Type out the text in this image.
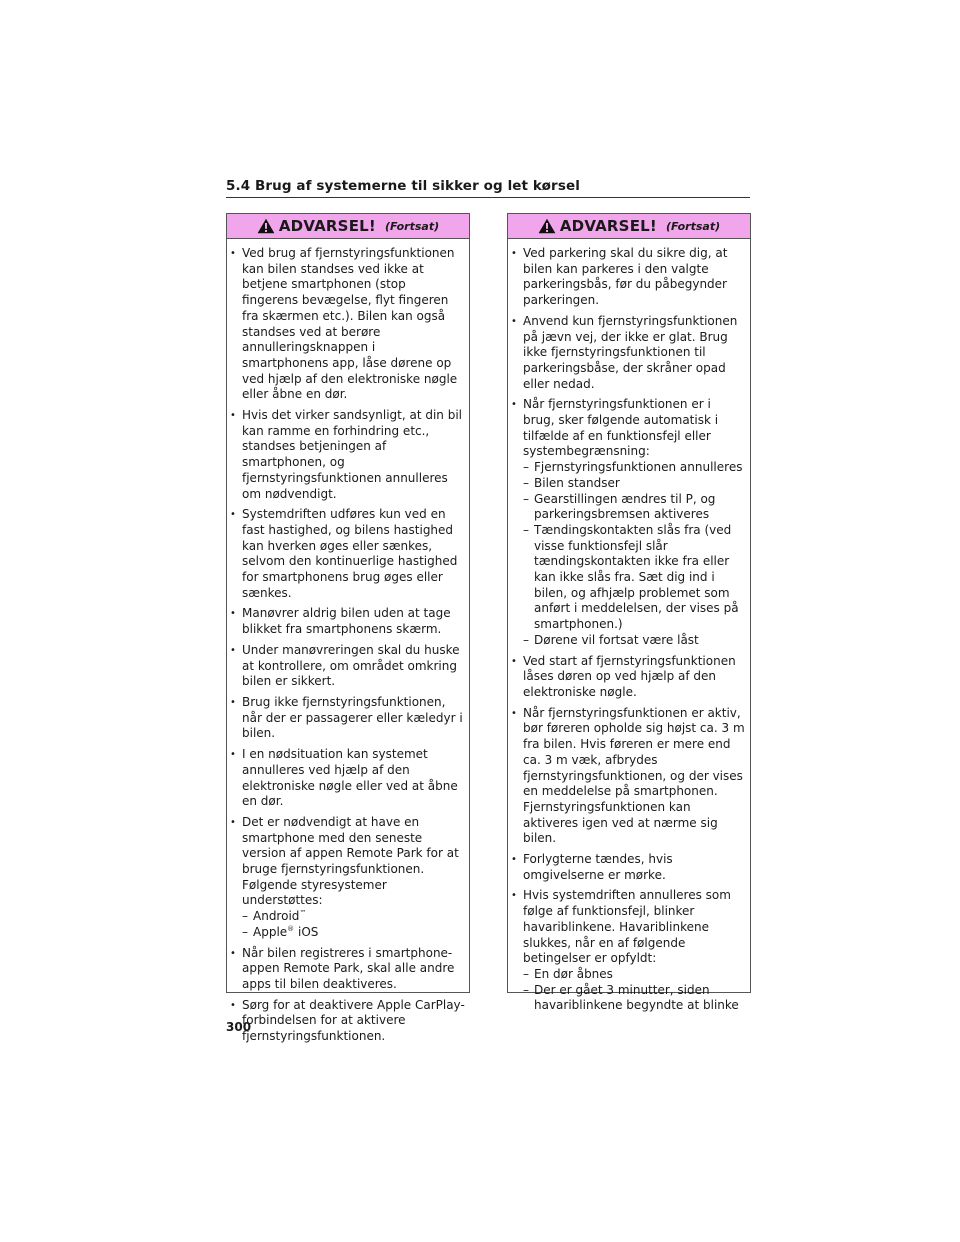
5.4 Brug af systemerne til sikker og let kørsel
ADVARSEL! (Fortsat)
• Ved brug af fjernstyringsfunktionen kan bilen standses ved ikke at betjene smartphonen (stop fingerens bevægelse, flyt fingeren fra skærmen etc.). Bilen kan også standses ved at berøre annulleringsknappen i smartphonens app, låse dørene op ved hjælp af den elektroniske nøgle eller åbne en dør.
• Hvis det virker sandsynligt, at din bil kan ramme en forhindring etc., standses betjeningen af smartphonen, og fjernstyringsfunktionen annulleres om nødvendigt.
• Systemdriften udføres kun ved en fast hastighed, og bilens hastighed kan hverken øges eller sænkes, selvom den kontinuerlige hastighed for smartphonens brug øges eller sænkes.
• Manøvrer aldrig bilen uden at tage blikket fra smartphonens skærm.
• Under manøvreringen skal du huske at kontrollere, om området omkring bilen er sikkert.
• Brug ikke fjernstyringsfunktionen, når der er passagerer eller kæledyr i bilen.
• I en nødsituation kan systemet annulleres ved hjælp af den elektroniske nøgle eller ved at åbne en dør.
• Det er nødvendigt at have en smartphone med den seneste version af appen Remote Park for at bruge fjernstyringsfunktionen. Følgende styresystemer understøttes:
– Android™
– Apple® iOS
• Når bilen registreres i smartphone-appen Remote Park, skal alle andre apps til bilen deaktiveres.
• Sørg for at deaktivere Apple CarPlay-forbindelsen for at aktivere fjernstyringsfunktionen.
ADVARSEL! (Fortsat)
• Ved parkering skal du sikre dig, at bilen kan parkeres i den valgte parkeringsbås, før du påbegynder parkeringen.
• Anvend kun fjernstyringsfunktionen på jævn vej, der ikke er glat. Brug ikke fjernstyringsfunktionen til parkeringsbåse, der skråner opad eller nedad.
• Når fjernstyringsfunktionen er i brug, sker følgende automatisk i tilfælde af en funktionsfejl eller systembegrænsning:
– Fjernstyringsfunktionen annulleres
– Bilen standser
– Gearstillingen ændres til P, og parkeringsbremsen aktiveres
– Tændingskontakten slås fra (ved visse funktionsfejl slår tændingskontakten ikke fra eller kan ikke slås fra. Sæt dig ind i bilen, og afhjælp problemet som anført i meddelelsen, der vises på smartphonen.)
– Dørene vil fortsat være låst
• Ved start af fjernstyringsfunktionen låses døren op ved hjælp af den elektroniske nøgle.
• Når fjernstyringsfunktionen er aktiv, bør føreren opholde sig højst ca. 3 m fra bilen. Hvis føreren er mere end ca. 3 m væk, afbrydes fjernstyringsfunktionen, og der vises en meddelelse på smartphonen. Fjernstyringsfunktionen kan aktiveres igen ved at nærme sig bilen.
• Forlygterne tændes, hvis omgivelserne er mørke.
• Hvis systemdriften annulleres som følge af funktionsfejl, blinker havariblinkene. Havariblinkene slukkes, når en af følgende betingelser er opfyldt:
– En dør åbnes
– Der er gået 3 minutter, siden havariblinkene begyndte at blinke
300
